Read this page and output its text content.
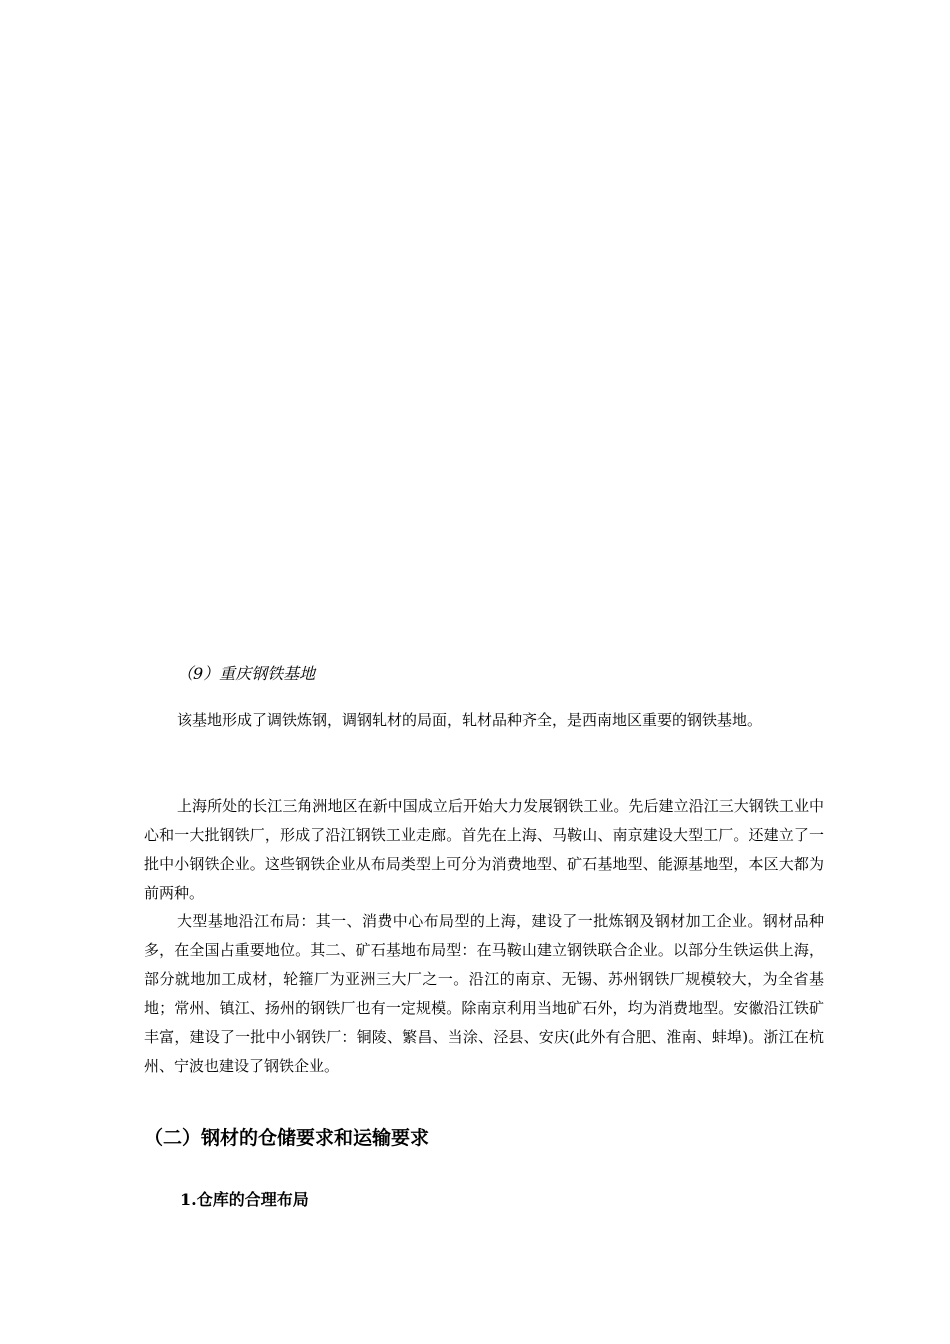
（9）重庆钢铁基地

该基地形成了调铁炼钢，调钢轧材的局面，轧材品种齐全，是西南地区重要的钢铁基地。

上海所处的长江三角洲地区在新中国成立后开始大力发展钢铁工业。先后建立沿江三大钢铁工业中心和一大批钢铁厂，形成了沿江钢铁工业走廊。首先在上海、马鞍山、南京建设大型工厂。还建立了一批中小钢铁企业。这些钢铁企业从布局类型上可分为消费地型、矿石基地型、能源基地型，本区大都为前两种。

大型基地沿江布局：其一、消费中心布局型的上海，建设了一批炼钢及钢材加工企业。钢材品种多，在全国占重要地位。其二、矿石基地布局型：在马鞍山建立钢铁联合企业。以部分生铁运供上海，部分就地加工成材，轮箍厂为亚洲三大厂之一。沿江的南京、无锡、苏州钢铁厂规模较大，为全省基地；常州、镇江、扬州的钢铁厂也有一定规模。除南京利用当地矿石外，均为消费地型。安徽沿江铁矿丰富，建设了一批中小钢铁厂：铜陵、繁昌、当涂、泾县、安庆(此外有合肥、淮南、蚌埠)。浙江在杭州、宁波也建设了钢铁企业。

（二）钢材的仓储要求和运输要求
1.仓库的合理布局
